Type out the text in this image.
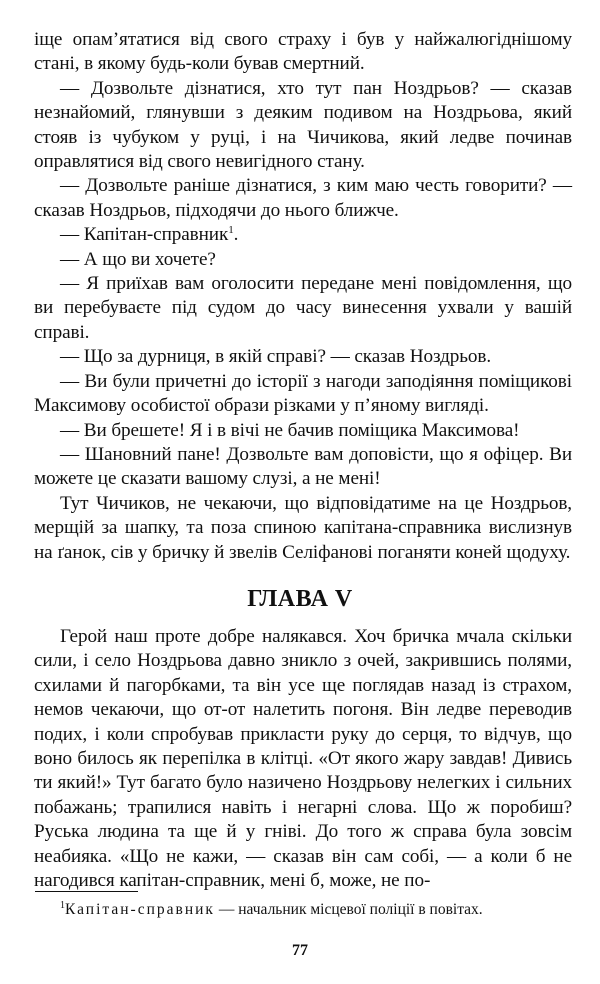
іще опам’ятатися від свого страху і був у найжалюгіднішому стані, в якому будь-коли бував смертний.

— Дозвольте дізнатися, хто тут пан Ноздрьов? — сказав незнайомий, глянувши з деяким подивом на Ноздрьова, який стояв із чубуком у руці, і на Чичикова, який ледве починав оправлятися від свого невигідного стану.

— Дозвольте раніше дізнатися, з ким маю честь говорити? — сказав Ноздрьов, підходячи до нього ближче.

— Капітан-справник$^1$.

— А що ви хочете?

— Я приїхав вам оголосити передане мені повідомлення, що ви перебуваєте під судом до часу винесення ухвали у вашій справі.

— Що за дурниця, в якій справі? — сказав Ноздрьов.

— Ви були причетні до історії з нагоди заподіяння поміщикові Максимову особистої образи різками у п’яному вигляді.

— Ви брешете! Я і в вічі не бачив поміщика Максимова!

— Шановний пане! Дозвольте вам доповісти, що я офіцер. Ви можете це сказати вашому слузі, а не мені!

Тут Чичиков, не чекаючи, що відповідатиме на це Ноздрьов, мерщій за шапку, та поза спиною капітана-справника вислизнув на ґанок, сів у бричку й звелів Селіфанові поганяти коней щодуху.

ГЛАВА V

Герой наш проте добре налякався. Хоч бричка мчала скільки сили, і село Ноздрьова давно зникло з очей, закрившись полями, схилами й пагорбками, та він усе ще поглядав назад із страхом, немов чекаючи, що от-от налетить погоня. Він ледве переводив подих, і коли спробував прикласти руку до серця, то відчув, що воно билось як перепілка в клітці. «От якого жару завдав! Дивись ти який!» Тут багато було назичено Ноздрьову нелегких і сильних побажань; трапилися навіть і негарні слова. Що ж поробиш? Руська людина та ще й у гніві. До того ж справа була зовсім неабияка. «Що не кажи, — сказав він сам собі, — а коли б не нагодився капітан-справник, мені б, може, не по-

$^1$Капітан-справник — начальник місцевої поліції в повітах.
77
